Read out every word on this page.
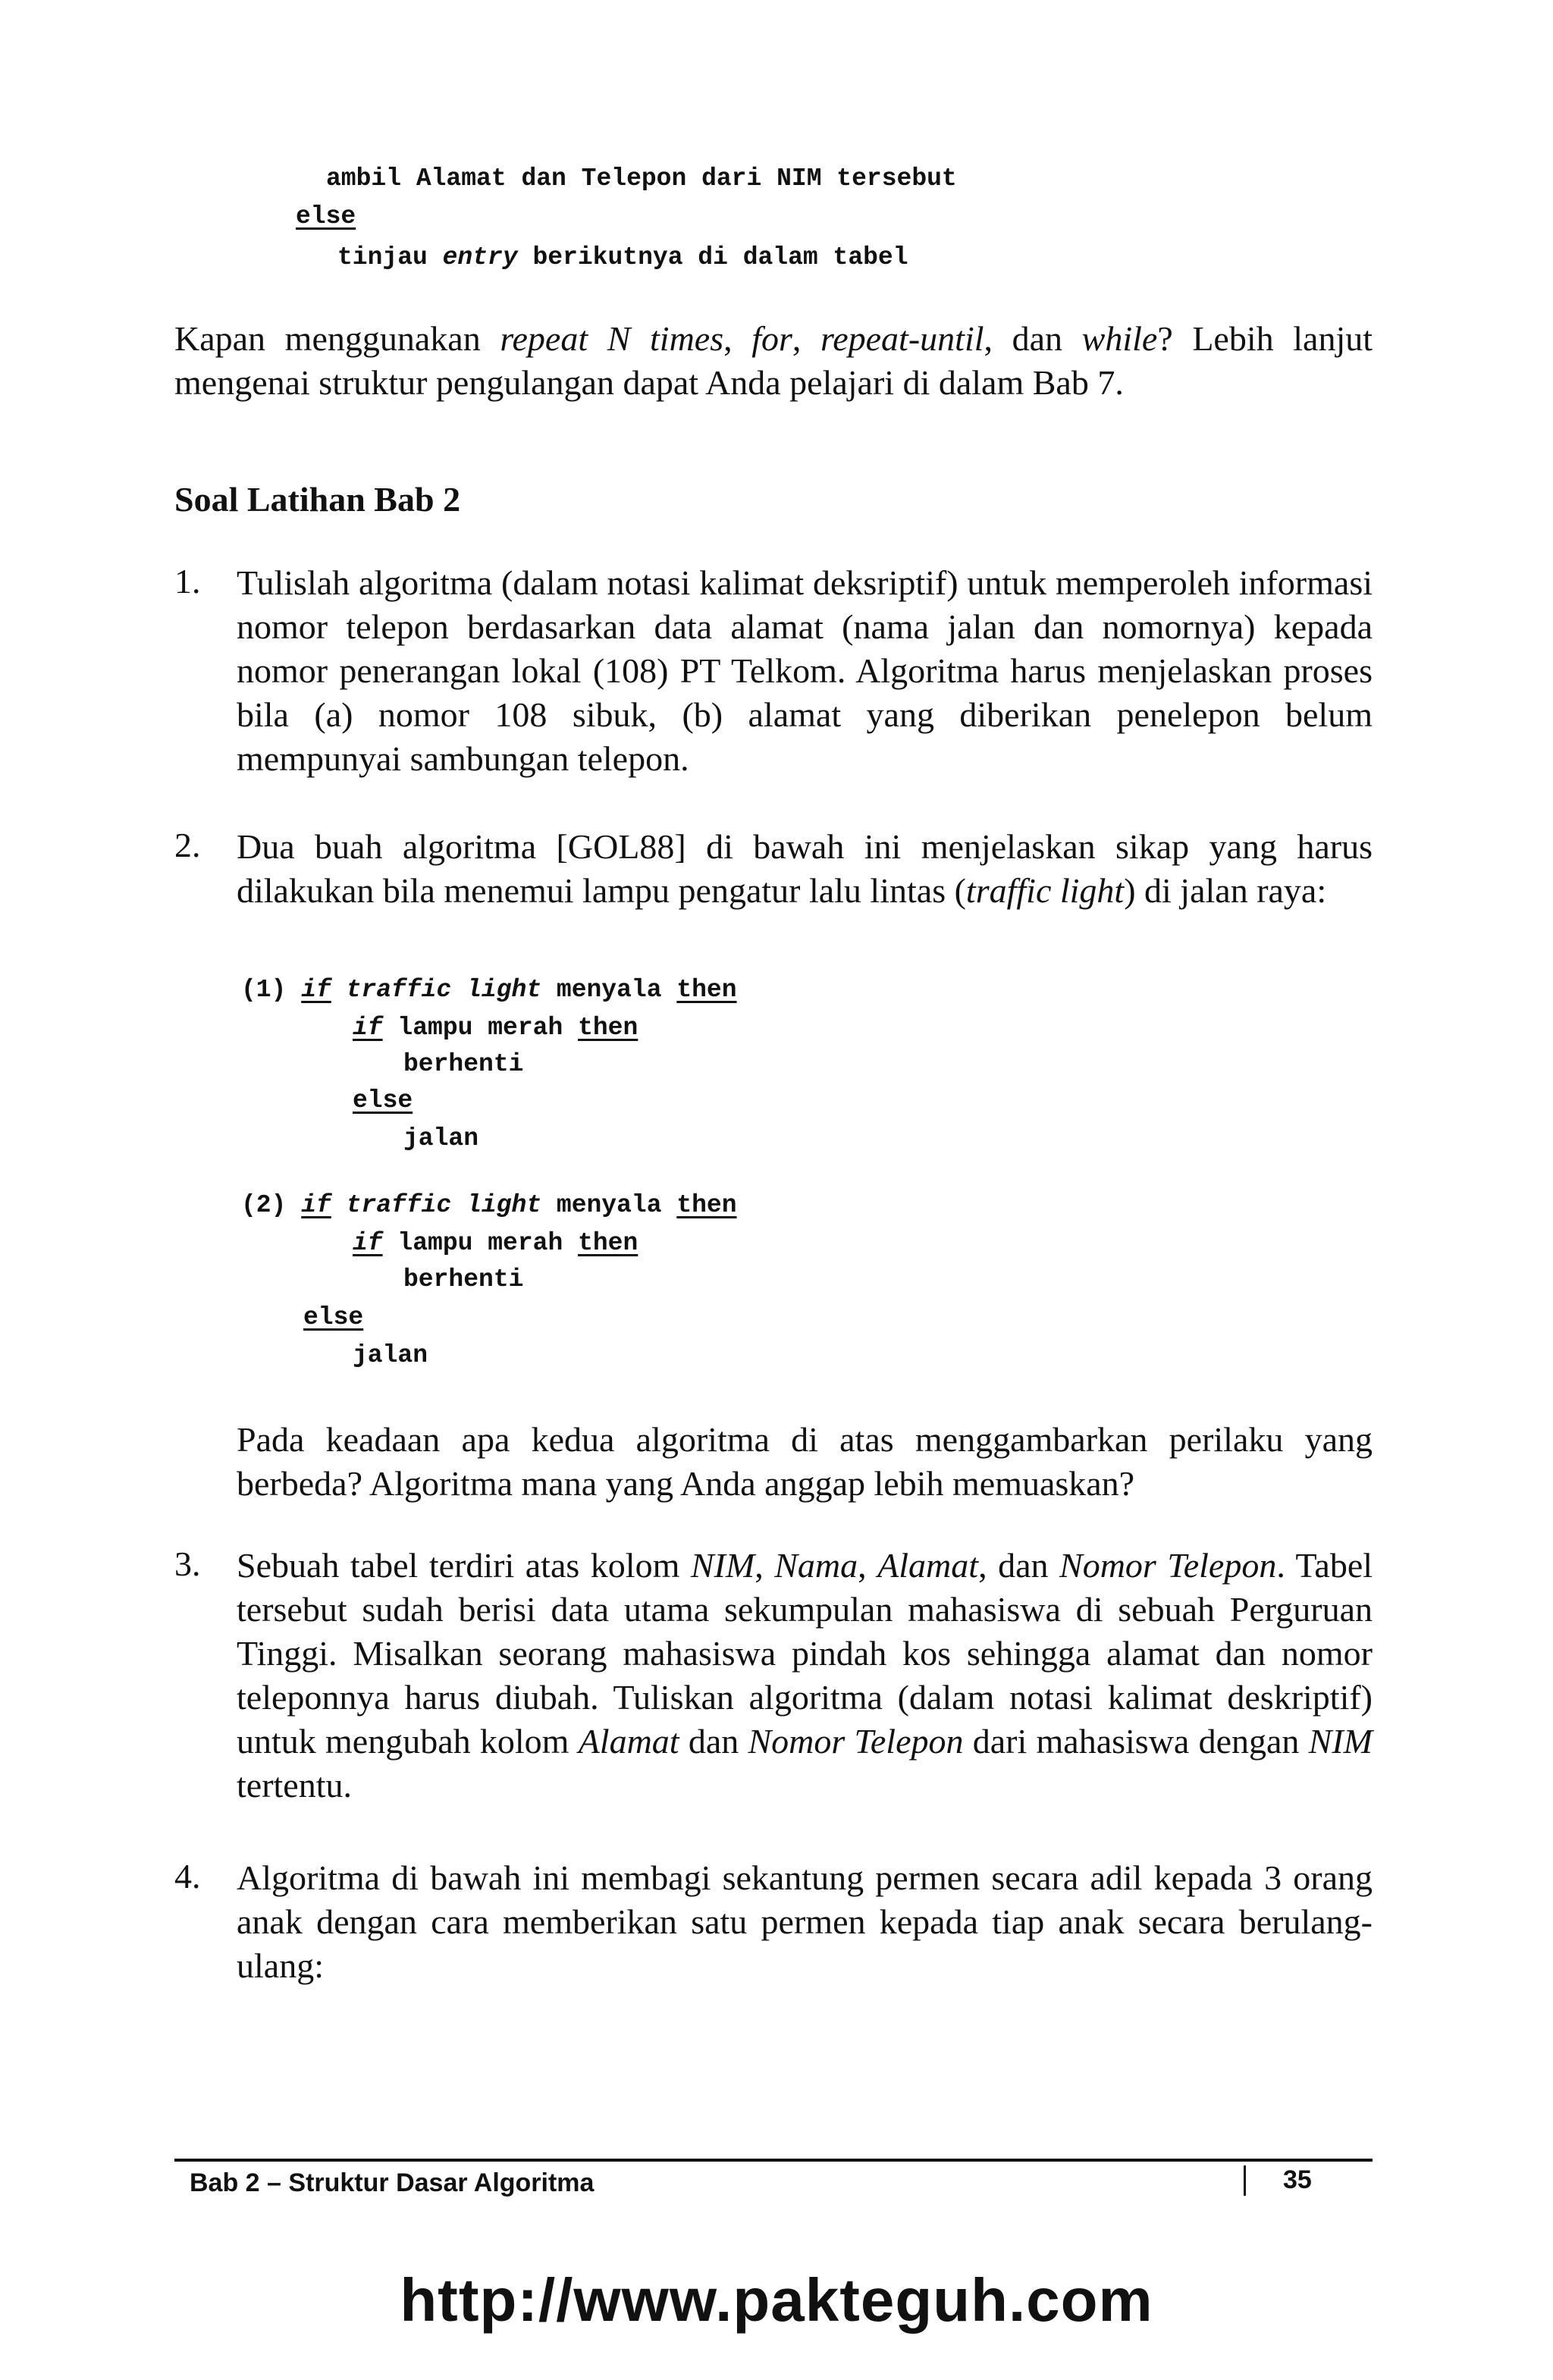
ambil Alamat dan Telepon dari NIM tersebut
else
tinjau entry berikutnya di dalam tabel
Kapan menggunakan repeat N times, for, repeat-until, dan while? Lebih lanjut mengenai struktur pengulangan dapat Anda pelajari di dalam Bab 7.
Soal Latihan Bab 2
1. Tulislah algoritma (dalam notasi kalimat deksriptif) untuk memperoleh informasi nomor telepon berdasarkan data alamat (nama jalan dan nomornya) kepada nomor penerangan lokal (108) PT Telkom. Algoritma harus menjelaskan proses bila (a) nomor 108 sibuk, (b) alamat yang diberikan penelepon belum mempunyai sambungan telepon.
2. Dua buah algoritma [GOL88] di bawah ini menjelaskan sikap yang harus dilakukan bila menemui lampu pengatur lalu lintas (traffic light) di jalan raya:
(1) if traffic light menyala then
if lampu merah then
berhenti
else
jalan
(2) if traffic light menyala then
if lampu merah then
berhenti
else
jalan
Pada keadaan apa kedua algoritma di atas menggambarkan perilaku yang berbeda? Algoritma mana yang Anda anggap lebih memuaskan?
3. Sebuah tabel terdiri atas kolom NIM, Nama, Alamat, dan Nomor Telepon. Tabel tersebut sudah berisi data utama sekumpulan mahasiswa di sebuah Perguruan Tinggi. Misalkan seorang mahasiswa pindah kos sehingga alamat dan nomor teleponnya harus diubah. Tuliskan algoritma (dalam notasi kalimat deskriptif) untuk mengubah kolom Alamat dan Nomor Telepon dari mahasiswa dengan NIM tertentu.
4. Algoritma di bawah ini membagi sekantung permen secara adil kepada 3 orang anak dengan cara memberikan satu permen kepada tiap anak secara berulang-ulang:
Bab 2 – Struktur Dasar Algoritma	35
http://www.pakteguh.com
